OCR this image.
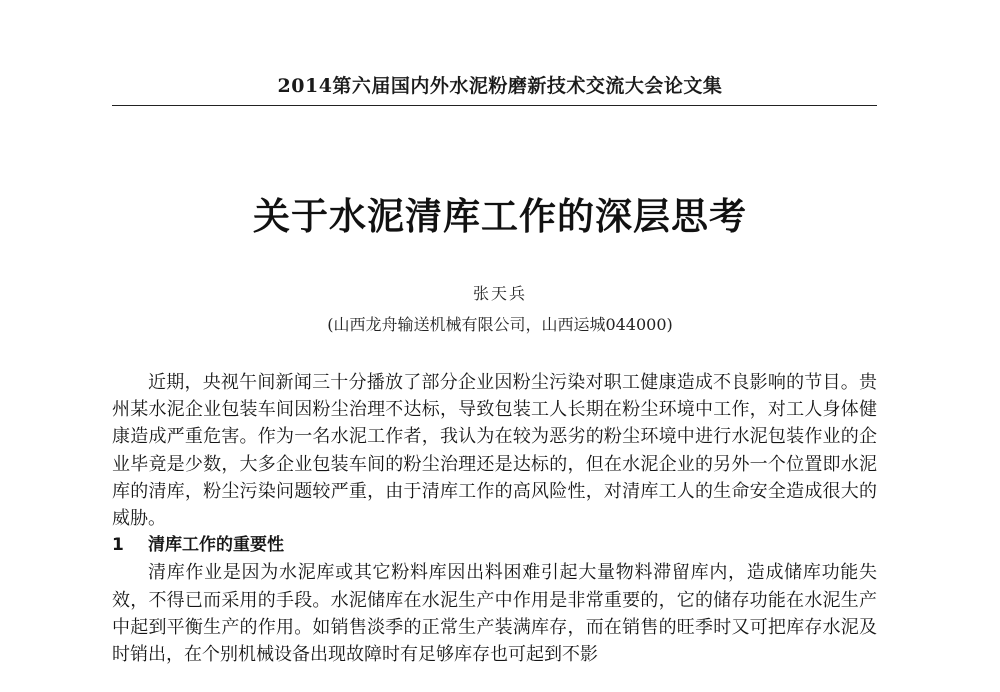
2014第六届国内外水泥粉磨新技术交流大会论文集
关于水泥清库工作的深层思考
张天兵
(山西龙舟输送机械有限公司，山西运城044000)

近期，央视午间新闻三十分播放了部分企业因粉尘污染对职工健康造成不良影响的节目。贵州某水泥企业包装车间因粉尘治理不达标，导致包装工人长期在粉尘环境中工作，对工人身体健康造成严重危害。作为一名水泥工作者，我认为在较为恶劣的粉尘环境中进行水泥包装作业的企业毕竟是少数，大多企业包装车间的粉尘治理还是达标的，但在水泥企业的另外一个位置即水泥库的清库，粉尘污染问题较严重，由于清库工作的高风险性，对清库工人的生命安全造成很大的威胁。

1 清库工作的重要性

清库作业是因为水泥库或其它粉料库因出料困难引起大量物料滞留库内，造成储库功能失效，不得已而采用的手段。水泥储库在水泥生产中作用是非常重要的，它的储存功能在水泥生产中起到平衡生产的作用。如销售淡季的正常生产装满库存，而在销售的旺季时又可把库存水泥及时销出，在个别机械设备出现故障时有足够库存也可起到不影
